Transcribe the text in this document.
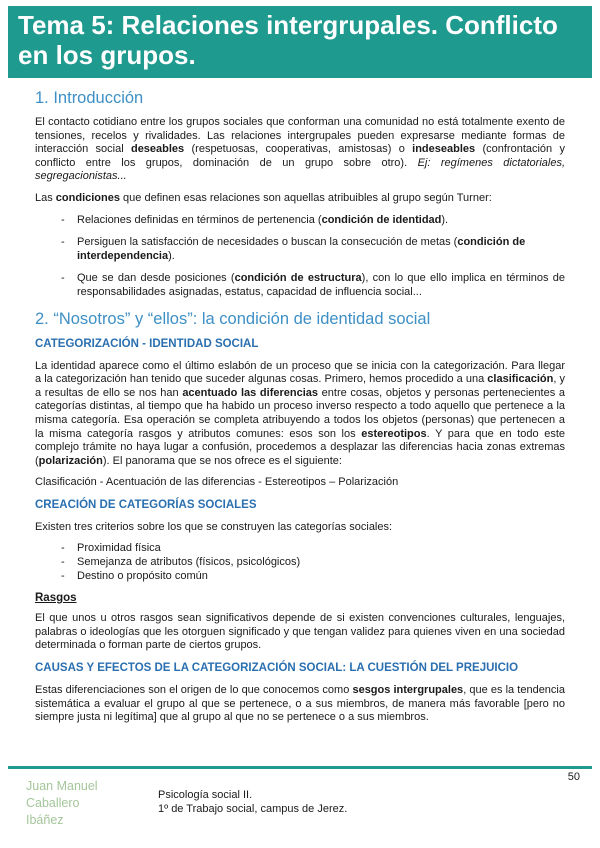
Tema 5: Relaciones intergrupales. Conflicto en los grupos.
1. Introducción

El contacto cotidiano entre los grupos sociales que conforman una comunidad no está totalmente exento de tensiones, recelos y rivalidades. Las relaciones intergrupales pueden expresarse mediante formas de interacción social deseables (respetuosas, cooperativas, amistosas) o indeseables (confrontación y conflicto entre los grupos, dominación de un grupo sobre otro). Ej: regímenes dictatoriales, segregacionistas...

Las condiciones que definen esas relaciones son aquellas atribuibles al grupo según Turner:

- Relaciones definidas en términos de pertenencia (condición de identidad).
- Persiguen la satisfacción de necesidades o buscan la consecución de metas (condición de interdependencia).
- Que se dan desde posiciones (condición de estructura), con lo que ello implica en términos de responsabilidades asignadas, estatus, capacidad de influencia social...
2. “Nosotros” y “ellos”: la condición de identidad social
CATEGORIZACIÓN - IDENTIDAD SOCIAL

La identidad aparece como el último eslabón de un proceso que se inicia con la categorización. Para llegar a la categorización han tenido que suceder algunas cosas. Primero, hemos procedido a una clasificación, y a resultas de ello se nos han acentuado las diferencias entre cosas, objetos y personas pertenecientes a categorías distintas, al tiempo que ha habido un proceso inverso respecto a todo aquello que pertenece a la misma categoría. Esa operación se completa atribuyendo a todos los objetos (personas) que pertenecen a la misma categoría rasgos y atributos comunes: esos son los estereotipos. Y para que en todo este complejo trámite no haya lugar a confusión, procedemos a desplazar las diferencias hacia zonas extremas (polarización). El panorama que se nos ofrece es el siguiente:

Clasificación - Acentuación de las diferencias - Estereotipos – Polarización

CREACIÓN DE CATEGORÍAS SOCIALES

Existen tres criterios sobre los que se construyen las categorías sociales:

- Proximidad física
- Semejanza de atributos (físicos, psicológicos)
- Destino o propósito común
Rasgos

El que unos u otros rasgos sean significativos depende de si existen convenciones culturales, lenguajes, palabras o ideologías que les otorguen significado y que tengan validez para quienes viven en una sociedad determinada o forman parte de ciertos grupos.

CAUSAS Y EFECTOS DE LA CATEGORIZACIÓN SOCIAL: LA CUESTIÓN DEL PREJUICIO

Estas diferenciaciones son el origen de lo que conocemos como sesgos intergrupales, que es la tendencia sistemática a evaluar el grupo al que se pertenece, o a sus miembros, de manera más favorable [pero no siempre justa ni legítima] que al grupo al que no se pertenece o a sus miembros.

50
Juan Manuel
Caballero
Ibáñez
Psicología social II.
1º de Trabajo social, campus de Jerez.
